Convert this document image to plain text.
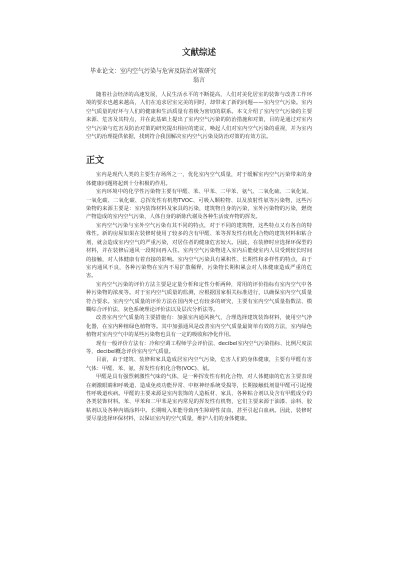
文献综述
毕业论文：室内空气污染与危害及防治对策研究
翁言

随着社会经济的高速发展，人民生活水平的不断提高，人们对美化居室的装饰与改善工作环境的要求也越来越高，人们在追求居室完美的同时，却带来了新的问题——室内空气污染。室内空气质量的好坏与人们的健康和生活质量有着极为密切的联系。本文介绍了室内空气污染的主要来源、危害及其特点，并在此基础上提出了室内空气污染的防治措施和对策，目的是通过对室内空气污染与危害及防治对策的研究提出相应的建议，唤起人们对室内空气污染的重视，并为室内空气的治理提供依据，找到符合我国解决室内空气污染及防治对策的有效方法。

正文

室内是现代人类的主要生存场所之一，优化室内空气质量，对于缓解室内空气污染带来的身体健康问题将起到十分积极的作用。

室内环境中的化学性污染物主要有甲醛、苯、甲苯、二甲苯、氨气、二氧化硫、二氧化氮、一氧化碳、二氧化碳、总挥发性有机物TVOC、可吸入颗粒物、以及放射性氡等污染物，这些污染物的来源主要是：室内装饰材料及家具的污染，建筑物自身的污染，室外污染物的污染，燃烧产物造成的室内空气污染，人体自身的新陈代谢及各种生活废弃物的挥发。

室内空气污染与室外空气污染有其不同的特点，对于不同的建筑物，这些特点又有各自的特殊性。新的房屋如果在装修时使用了较多的含有甲醛、苯等挥发性有机化合物的建筑材料和粘合剂，就会造成室内空气的严重污染，对居住者的健康危害较大。因此，在装修时应选择环保型的材料，并在装修后通风一段时间再入住。室内空气污染物进入室内后能使室内人员受到较长时间的接触，对人体健康有着直接的影响。室内空气污染具有累积性、长期性和多样性的特点，由于室内通风不良，各种污染物在室内不易扩散稀释，污染物长期积累会对人体健康造成严重的危害。

室内空气污染的评价方法主要是定量分析和定性分析两种，常用的评价指标有室内空气中各种污染物的浓度等。对于室内空气质量的监测，应根据国家相关标准进行，以确保室内空气质量符合要求。室内空气质量的评价方法在国内外已有较多的研究，主要有室内空气质量指数法、模糊综合评价法、灰色系统理论评价法以及层次分析法等。

改善室内空气质量的主要措施有：加强室内通风换气，合理选择建筑装饰材料，使用空气净化器，在室内种植绿色植物等。其中加强通风是改善室内空气质量最简单有效的方法，室内绿色植物对室内空气中的某些污染物也具有一定的吸收和净化作用。

现有一般评价方法有：冷和空调工程师学会评价法、decibel室内空气污染指标、比例尺度法等，decibel概念评价室内空气质量。

目前，由于建筑、装修和家具造成居室内空气污染，危害人们的身体健康，主要有甲醛有害气体：甲醛、苯、氨、挥发性有机化合物(VOC)、氡。

甲醛是具有强烈刺激性气味的气体，是一种挥发性有机化合物，对人体健康的危害主要表现在刺激眼睛和呼吸道、造成免疫功能异常、中枢神经系统受损等，长期接触低剂量甲醛可引起慢性呼吸道疾病。甲醛的主要来源是室内装饰的人造板材、家具、各种粘合剂以及含有甲醛成分的各类装饰材料。苯、甲苯和二甲苯是室内常见的挥发性有机物，它们主要来源于油漆、涂料、胶粘剂以及各种内墙涂料中。长期吸入苯能导致再生障碍性贫血，甚至引起白血病。因此，装修时要尽量选择环保材料，以保证室内的空气质量，维护人们的身体健康。
